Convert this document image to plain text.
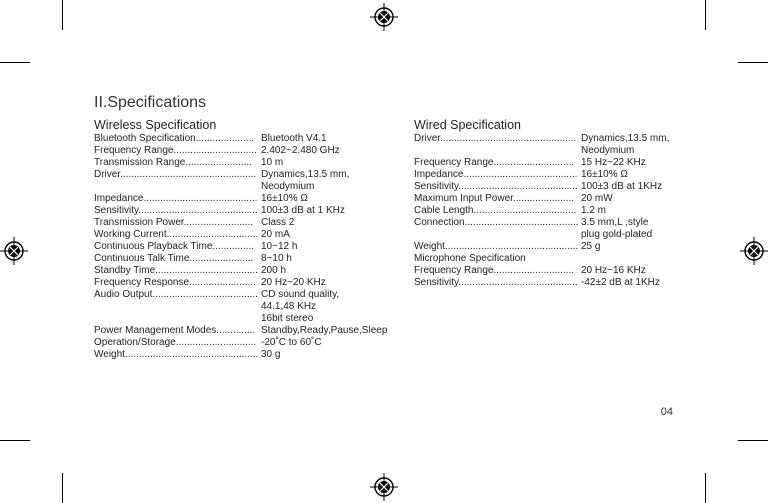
II.Specifications
Wireless Specification
Bluetooth Specification..................... Bluetooth V4.1
Frequency Range.............................. 2.402~2.480 GHz
Transmission Range........................ 10 m
Driver................................................. Dynamics,13.5 mm,
Neodymium
Impedance......................................... 16±10% Ω
Sensitivity........................................... 100±3 dB at 1 KHz
Transmission Power......................... Class 2
Working Current................................. 20 mA
Continuous Playback Time............... 10~12 h
Continuous Talk Time....................... 8~10 h
Standby Time..................................... 200 h
Frequency Response........................ 20 Hz~20 KHz
Audio Output...................................... CD sound quality,
44.1,48 KHz
16bit stereo
Power Management Modes.............. Standby,Ready,Pause,Sleep
Operation/Storage............................. -20˚C to 60˚C
Weight................................................ 30 g
Wired Specification
Driver................................................. Dynamics,13.5 mm,
Neodymium
Frequency Range............................. 15 Hz~22 KHz
Impedance......................................... 16±10% Ω
Sensitivity........................................... 100±3 dB at 1KHz
Maximum Input Power...................... 20 mW
Cable Length..................................... 1.2 m
Connection......................................... 3.5 mm,L ,style
plug gold-plated
Weight................................................ 25 g
Microphone Specification
Frequency Range............................. 20 Hz~16 KHz
Sensitivity........................................... -42±2 dB at 1KHz
04
